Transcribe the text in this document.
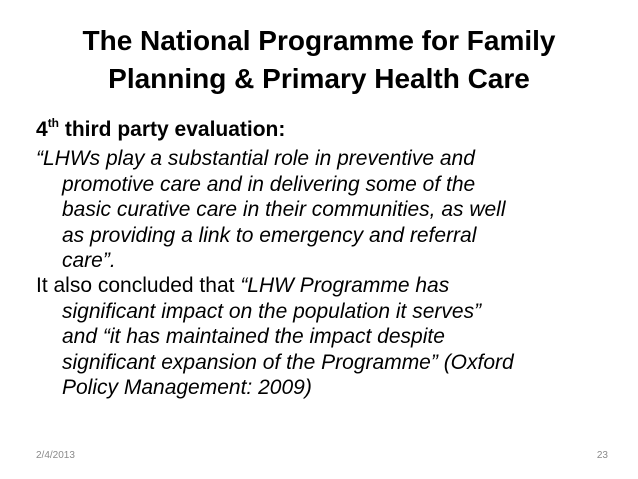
The National Programme for Family
Planning & Primary Health Care

4th third party evaluation:

“LHWs play a substantial role in preventive and
promotive care and in delivering some of the
basic curative care in their communities, as well
as providing a link to emergency and referral
care”.

It also concluded that “LHW Programme has
significant impact on the population it serves”
and “it has maintained the impact despite
significant expansion of the Programme” (Oxford
Policy Management: 2009)

2/4/2013	23
